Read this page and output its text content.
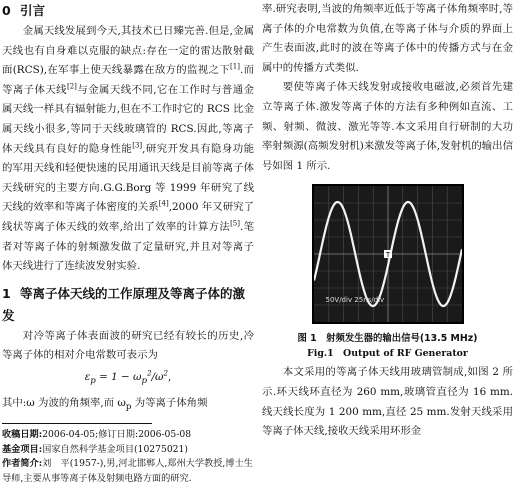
0 引言

金属天线发展到今天,其技术已日臻完善.但是,金属天线也有自身难以克服的缺点:存在一定的雷达散射截面(RCS),在军事上使天线暴露在敌方的监视之下[1].而等离子体天线[2]与金属天线不同,它在工作时与普通金属天线一样具有辐射能力,但在不工作时它的 RCS 比金属天线小很多,等同于天线玻璃管的 RCS.因此,等离子体天线具有良好的隐身性能[3],研究开发具有隐身功能的军用天线和轻便快速的民用通讯天线是目前等离子体天线研究的主要方向.G.G.Borg 等 1999 年研究了线天线的效率和等离子体密度的关系[4],2000 年又研究了线状等离子体天线的效率,给出了效率的计算方法[5].笔者对等离子体的射频激发做了定量研究,并且对等离子体天线进行了连续波发射实验.

1 等离子体天线的工作原理及等离子体的激发

对冷等离子体表面波的研究已经有较长的历史,冷等离子体的相对介电常数可表示为

$\varepsilon_p = 1 - \omega_p^2/\omega^2$,

其中:ω 为波的角频率,而 $\omega_p$ 为等离子体角频

收稿日期:2006-04-05;修订日期:2006-05-08
基金项目:国家自然科学基金项目(10275021)
作者简介:刘　平(1957-),男,河北邯郸人,郑州大学教授,博士生导师,主要从事等离子体及射频电路方面的研究.

率.研究表明,当波的角频率近低于等离子体角频率时,等离子体的介电常数为负值,在等离子体与介质的界面上产生表面波,此时的波在等离子体中的传播方式与在金属中的传播方式类似.

要使等离子体天线发射或接收电磁波,必须首先建立等离子体.激发等离子体的方法有多种例如直流、工频、射频、微波、激光等等.本文采用自行研制的大功率射频源(高频发射机)来激发等离子体,发射机的输出信号如图 1 所示.

T
50V/div 25ns/div
图 1　射频发生器的输出信号(13.5 MHz)
Fig.1　Output of RF Generator

本文采用的等离子体天线用玻璃管制成,如图 2 所示.环天线环直径为 260 mm,玻璃管直径为 16 mm.线天线长度为 1 200 mm,直径 25 mm.发射天线采用等离子体天线,接收天线采用环形金
